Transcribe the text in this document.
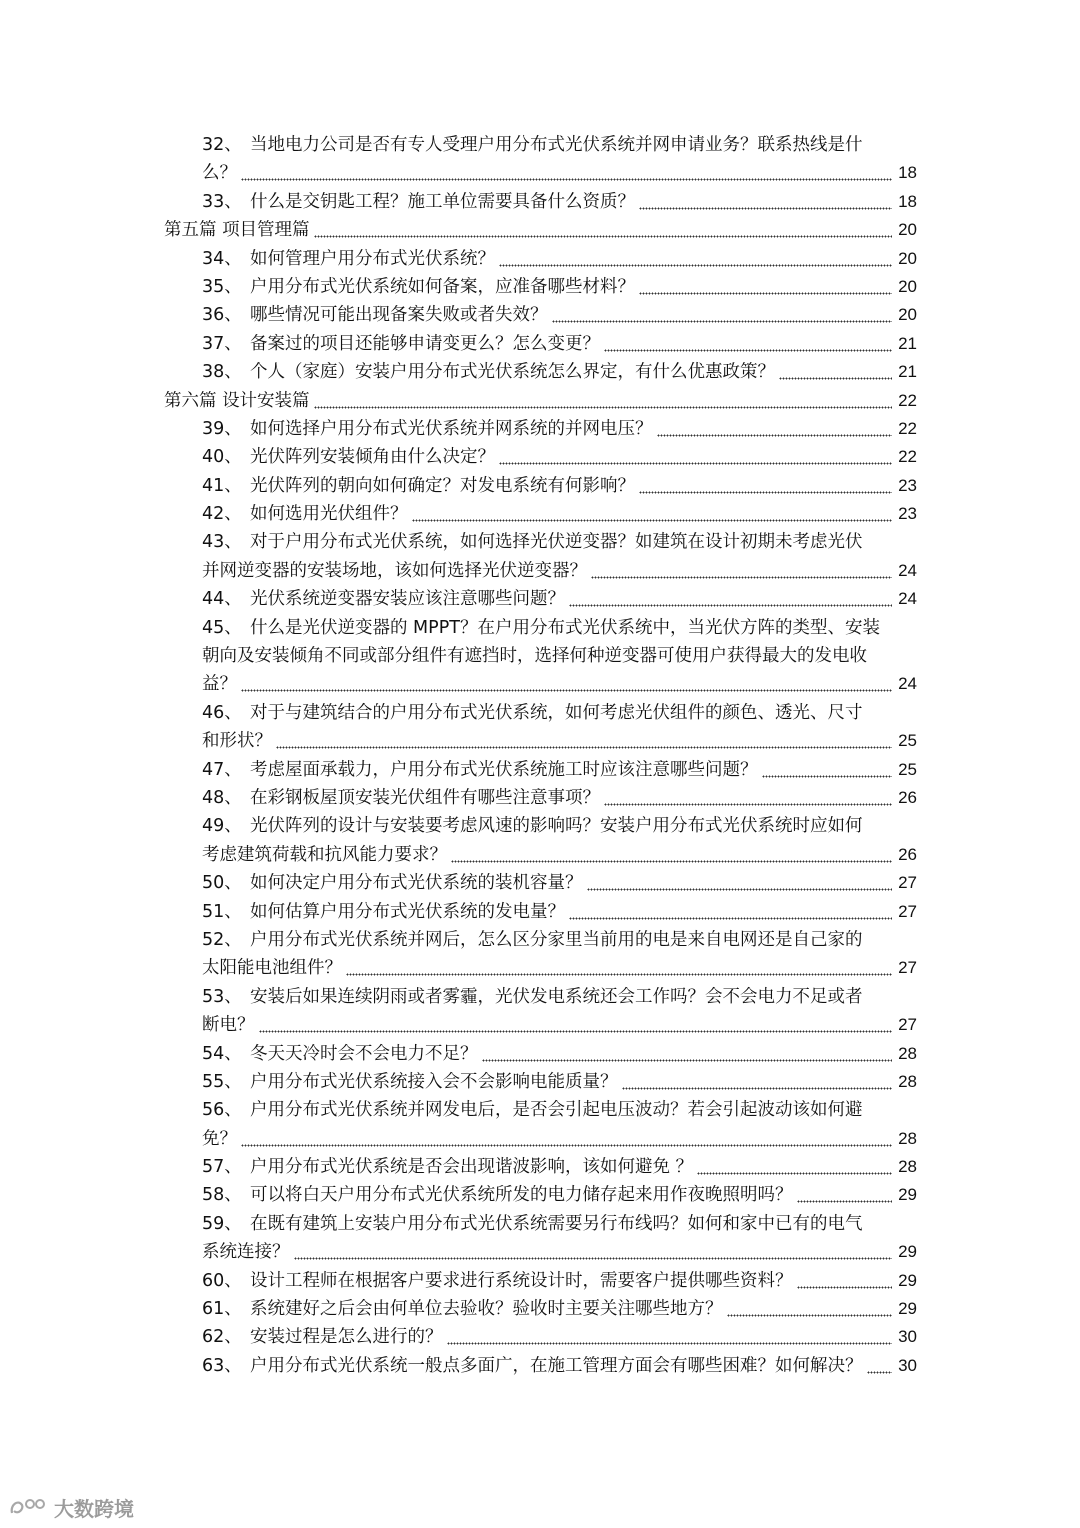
32、 当地电力公司是否有专人受理户用分布式光伏系统并网申请业务？联系热线是什
么？	18
33、 什么是交钥匙工程？施工单位需要具备什么资质？	18
第五篇 项目管理篇	20
34、 如何管理户用分布式光伏系统？	20
35、 户用分布式光伏系统如何备案，应准备哪些材料？	20
36、 哪些情况可能出现备案失败或者失效？	20
37、 备案过的项目还能够申请变更么？怎么变更？	21
38、 个人（家庭）安装户用分布式光伏系统怎么界定，有什么优惠政策？	21
第六篇 设计安装篇	22
39、 如何选择户用分布式光伏系统并网系统的并网电压？	22
40、 光伏阵列安装倾角由什么决定？	22
41、 光伏阵列的朝向如何确定？对发电系统有何影响？	23
42、 如何选用光伏组件？	23
43、 对于户用分布式光伏系统，如何选择光伏逆变器？如建筑在设计初期未考虑光伏
并网逆变器的安装场地，该如何选择光伏逆变器？	24
44、 光伏系统逆变器安装应该注意哪些问题？	24
45、 什么是光伏逆变器的 MPPT？在户用分布式光伏系统中，当光伏方阵的类型、安装
朝向及安装倾角不同或部分组件有遮挡时，选择何种逆变器可使用户获得最大的发电收
益？	24
46、 对于与建筑结合的户用分布式光伏系统，如何考虑光伏组件的颜色、透光、尺寸
和形状？	25
47、 考虑屋面承载力，户用分布式光伏系统施工时应该注意哪些问题？	25
48、 在彩钢板屋顶安装光伏组件有哪些注意事项？	26
49、 光伏阵列的设计与安装要考虑风速的影响吗？安装户用分布式光伏系统时应如何
考虑建筑荷载和抗风能力要求？	26
50、 如何决定户用分布式光伏系统的装机容量？	27
51、 如何估算户用分布式光伏系统的发电量？	27
52、 户用分布式光伏系统并网后，怎么区分家里当前用的电是来自电网还是自己家的
太阳能电池组件？	27
53、 安装后如果连续阴雨或者雾霾，光伏发电系统还会工作吗？会不会电力不足或者
断电？	27
54、 冬天天冷时会不会电力不足？	28
55、 户用分布式光伏系统接入会不会影响电能质量？	28
56、 户用分布式光伏系统并网发电后，是否会引起电压波动？若会引起波动该如何避
免？	28
57、 户用分布式光伏系统是否会出现谐波影响，该如何避免 ？	28
58、 可以将白天户用分布式光伏系统所发的电力储存起来用作夜晚照明吗？	29
59、 在既有建筑上安装户用分布式光伏系统需要另行布线吗？如何和家中已有的电气
系统连接？	29
60、 设计工程师在根据客户要求进行系统设计时，需要客户提供哪些资料？	29
61、 系统建好之后会由何单位去验收？验收时主要关注哪些地方？	29
62、 安装过程是怎么进行的？	30
63、 户用分布式光伏系统一般点多面广，在施工管理方面会有哪些困难？如何解决？ 30
大数跨境
